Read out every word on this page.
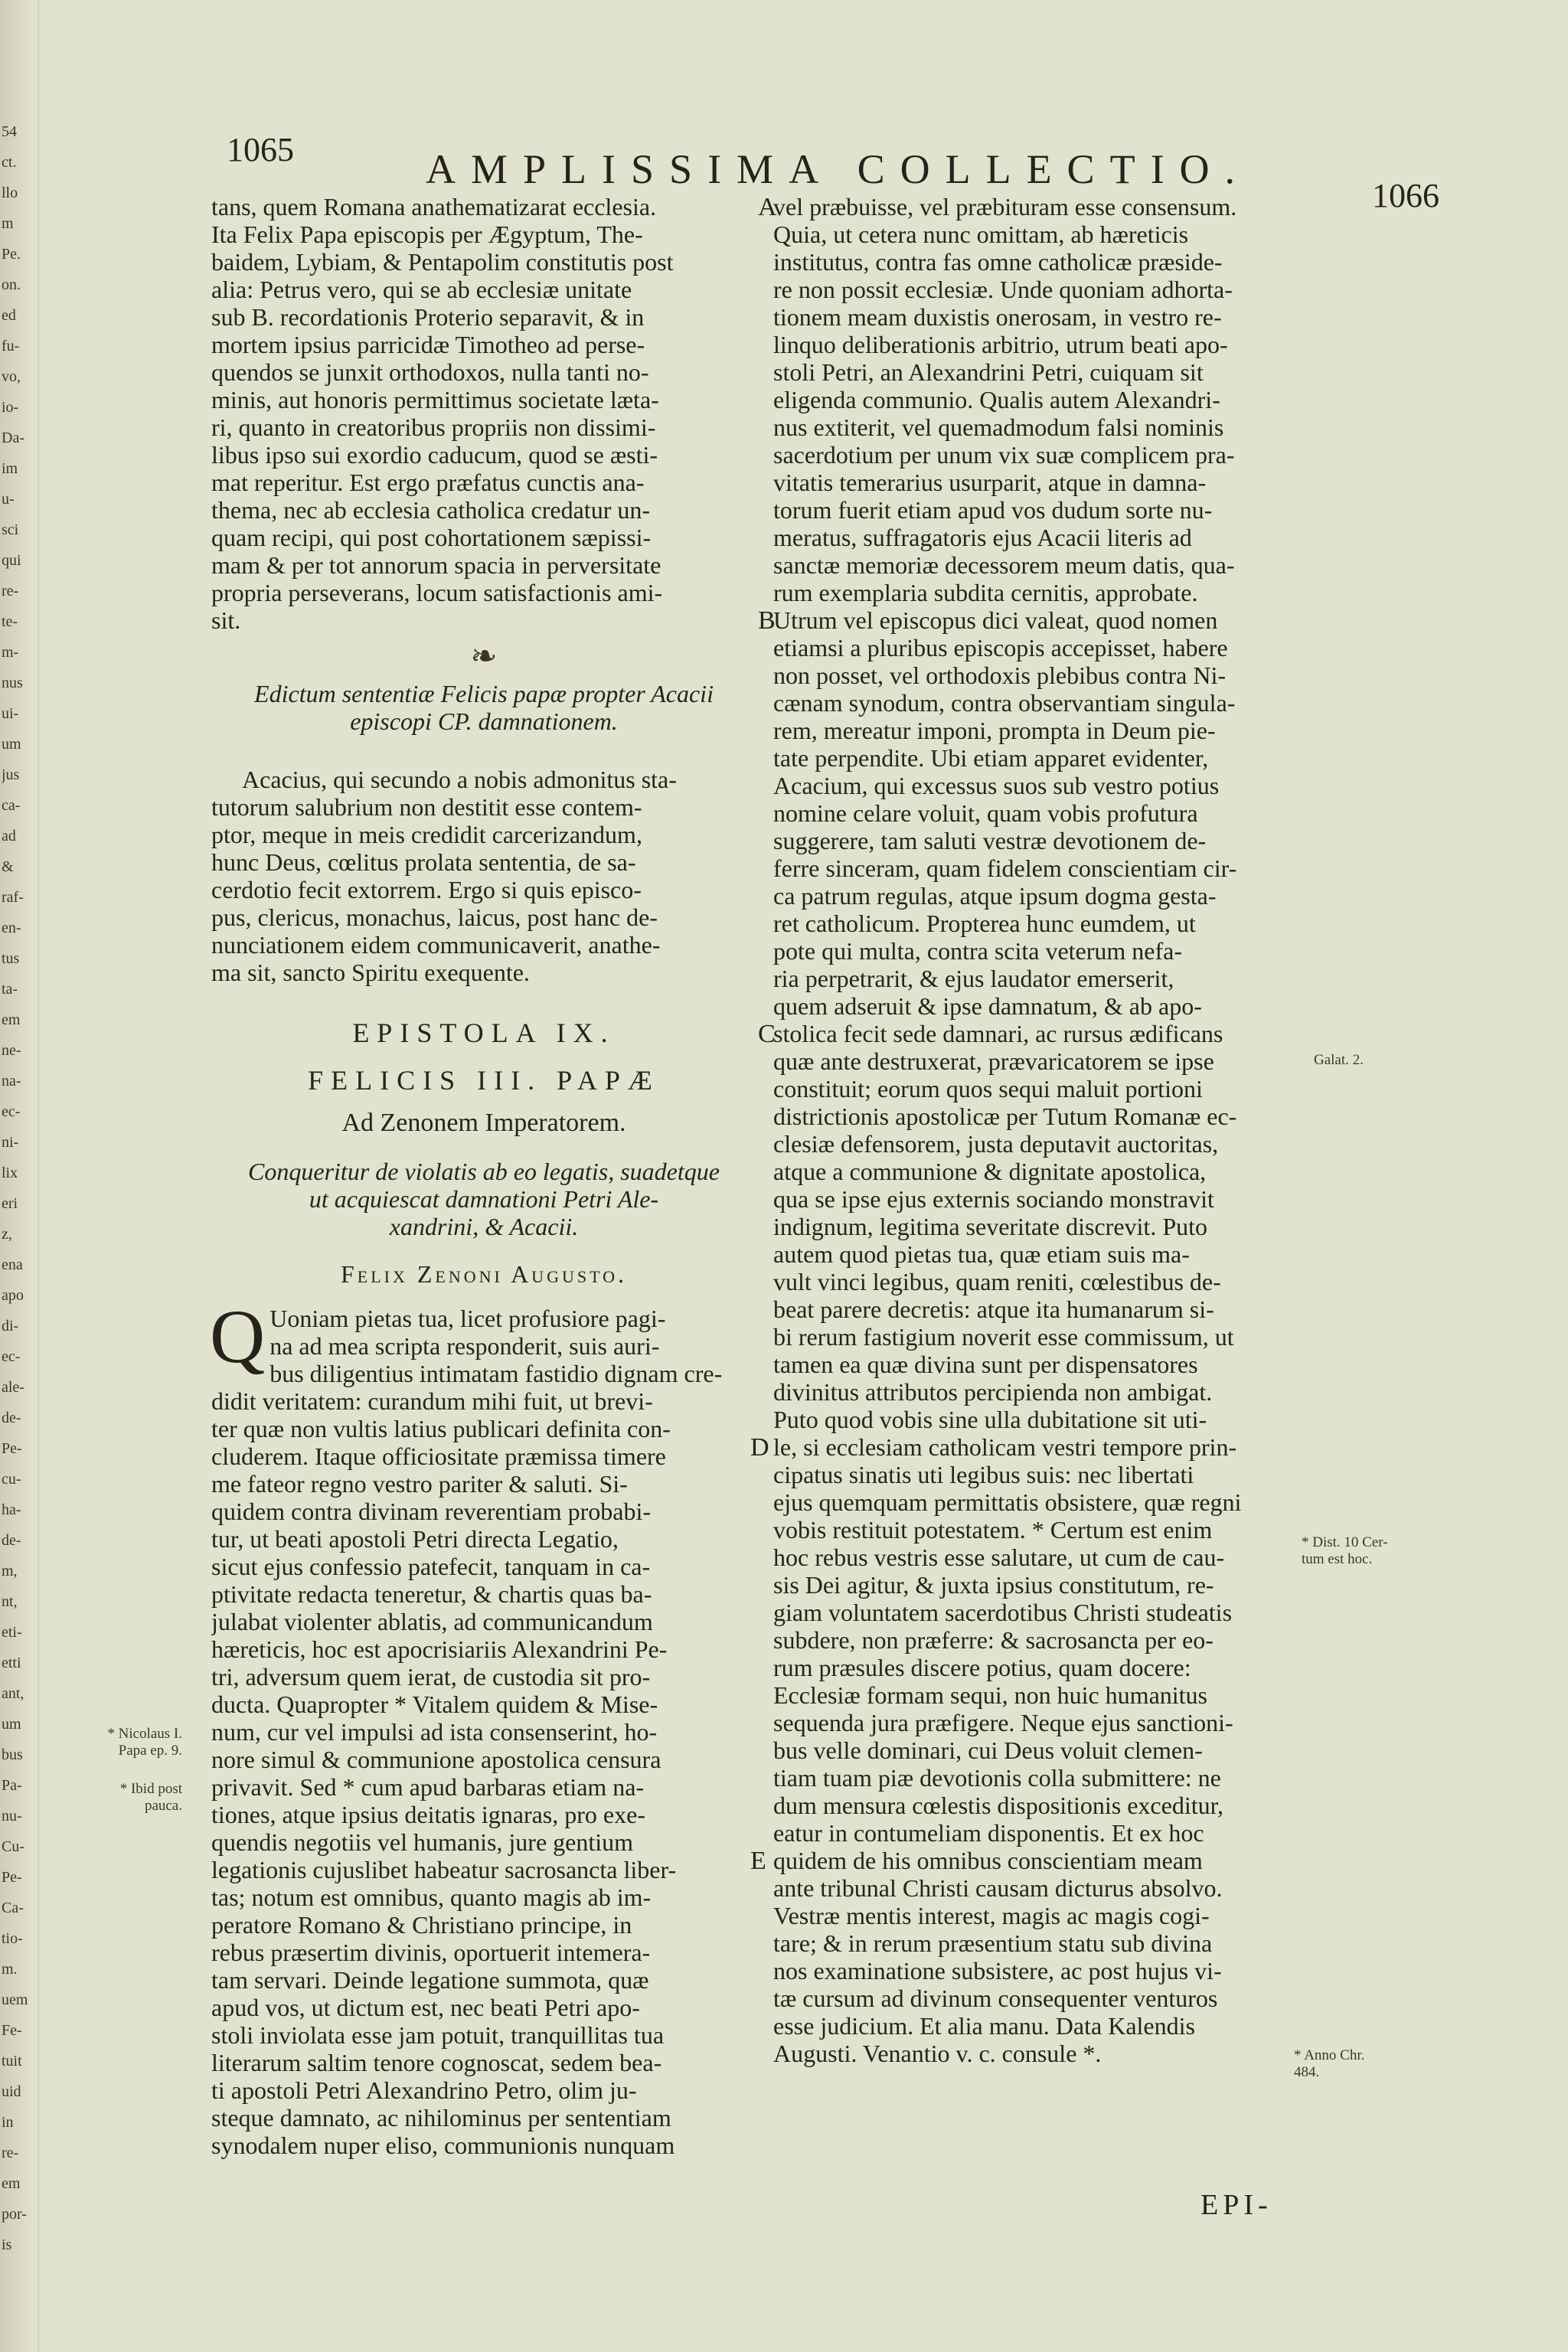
54
ct.
llo
m
Pe.
on.
ed
fu-
vo,
io-
Da-
im
u-
sci
qui
re-
te-
m-
nus
ui-
um
jus
ca-
ad
&
raf-
en-
tus
ta-
em
ne-
na-
ec-
ni-
lix
eri
z,
ena
apo
di-
ec-
ale-
de-
Pe-
cu-
ha-
de-
m,
nt,
eti-
etti
ant,
um
bus
Pa-
nu-
Cu-
Pe-
Ca-
tio-
m.
uem
Fe-
tuit
uid
in
re-
em
por-
is
1065	AMPLISSIMA COLLECTIO.
1066
tans, quem Romana anathematizarat ecclesia.
Ita Felix Papa episcopis per Ægyptum, The-
baidem, Lybiam, & Pentapolim constitutis post
alia: Petrus vero, qui se ab ecclesiæ unitate
sub B. recordationis Proterio separavit, & in
mortem ipsius parricidæ Timotheo ad perse-
quendos se junxit orthodoxos, nulla tanti no-
minis, aut honoris permittimus societate læta-
ri, quanto in creatoribus propriis non dissimi-
libus ipso sui exordio caducum, quod se æsti-
mat reperitur. Est ergo præfatus cunctis ana-
thema, nec ab ecclesia catholica credatur un-
quam recipi, qui post cohortationem sæpissi-
mam & per tot annorum spacia in perversitate
propria perseverans, locum satisfactionis ami-
sit.
❧
Edictum sententiæ Felicis papæ propter Acacii
episcopi CP. damnationem.
Acacius, qui secundo a nobis admonitus sta-
tutorum salubrium non destitit esse contem-
ptor, meque in meis credidit carcerizandum,
hunc Deus, cœlitus prolata sententia, de sa-
cerdotio fecit extorrem. Ergo si quis episco-
pus, clericus, monachus, laicus, post hanc de-
nunciationem eidem communicaverit, anathe-
ma sit, sancto Spiritu exequente.
EPISTOLA IX.
FELICIS III. PAPÆ
Ad Zenonem Imperatorem.
Conqueritur de violatis ab eo legatis, suadetque
ut acquiescat damnationi Petri Ale-
xandrini, & Acacii.
Felix Zenoni Augusto.
Q Uoniam pietas tua, licet profusiore pagi-
na ad mea scripta responderit, suis auri-
bus diligentius intimatam fastidio dignam cre-
didit veritatem: curandum mihi fuit, ut brevi-
ter quæ non vultis latius publicari definita con-
cluderem. Itaque officiositate præmissa timere
me fateor regno vestro pariter & saluti. Si-
quidem contra divinam reverentiam probabi-
tur, ut beati apostoli Petri directa Legatio,
sicut ejus confessio patefecit, tanquam in ca-
ptivitate redacta teneretur, & chartis quas ba-
julabat violenter ablatis, ad communicandum
hæreticis, hoc est apocrisiariis Alexandrini Pe-
tri, adversum quem ierat, de custodia sit pro-
ducta. Quapropter * Vitalem quidem & Mise-
num, cur vel impulsi ad ista consenserint, ho-
nore simul & communione apostolica censura
privavit. Sed * cum apud barbaras etiam na-
tiones, atque ipsius deitatis ignaras, pro exe-
quendis negotiis vel humanis, jure gentium
legationis cujuslibet habeatur sacrosancta liber-
tas; notum est omnibus, quanto magis ab im-
peratore Romano & Christiano principe, in
rebus præsertim divinis, oportuerit intemera-
tam servari. Deinde legatione summota, quæ
apud vos, ut dictum est, nec beati Petri apo-
stoli inviolata esse jam potuit, tranquillitas tua
literarum saltim tenore cognoscat, sedem bea-
ti apostoli Petri Alexandrino Petro, olim ju-
steque damnato, ac nihilominus per sententiam
synodalem nuper eliso, communionis nunquam
vel præbuisse, vel præbituram esse consensum.
Quia, ut cetera nunc omittam, ab hæreticis
institutus, contra fas omne catholicæ præside-
re non possit ecclesiæ. Unde quoniam adhorta-
tionem meam duxistis onerosam, in vestro re-
linquo deliberationis arbitrio, utrum beati apo-
stoli Petri, an Alexandrini Petri, cuiquam sit
eligenda communio. Qualis autem Alexandri-
nus extiterit, vel quemadmodum falsi nominis
sacerdotium per unum vix suæ complicem pra-
vitatis temerarius usurparit, atque in damna-
torum fuerit etiam apud vos dudum sorte nu-
meratus, suffragatoris ejus Acacii literis ad
sanctæ memoriæ decessorem meum datis, qua-
rum exemplaria subdita cernitis, approbate.
Utrum vel episcopus dici valeat, quod nomen
etiamsi a pluribus episcopis accepisset, habere
non posset, vel orthodoxis plebibus contra Ni-
cænam synodum, contra observantiam singula-
rem, mereatur imponi, prompta in Deum pie-
tate perpendite. Ubi etiam apparet evidenter,
Acacium, qui excessus suos sub vestro potius
nomine celare voluit, quam vobis profutura
suggerere, tam saluti vestræ devotionem de-
ferre sinceram, quam fidelem conscientiam cir-
ca patrum regulas, atque ipsum dogma gesta-
ret catholicum. Propterea hunc eumdem, ut
pote qui multa, contra scita veterum nefa-
ria perpetrarit, & ejus laudator emerserit,
quem adseruit & ipse damnatum, & ab apo-
stolica fecit sede damnari, ac rursus ædificans
quæ ante destruxerat, prævaricatorem se ipse
constituit; eorum quos sequi maluit portioni
districtionis apostolicæ per Tutum Romanæ ec-
clesiæ defensorem, justa deputavit auctoritas,
atque a communione & dignitate apostolica,
qua se ipse ejus externis sociando monstravit
indignum, legitima severitate discrevit. Puto
autem quod pietas tua, quæ etiam suis ma-
vult vinci legibus, quam reniti, cœlestibus de-
beat parere decretis: atque ita humanarum si-
bi rerum fastigium noverit esse commissum, ut
tamen ea quæ divina sunt per dispensatores
divinitus attributos percipienda non ambigat.
Puto quod vobis sine ulla dubitatione sit uti-
le, si ecclesiam catholicam vestri tempore prin-
cipatus sinatis uti legibus suis: nec libertati
ejus quemquam permittatis obsistere, quæ regni
vobis restituit potestatem. * Certum est enim
hoc rebus vestris esse salutare, ut cum de cau-
sis Dei agitur, & juxta ipsius constitutum, re-
giam voluntatem sacerdotibus Christi studeatis
subdere, non præferre: & sacrosancta per eo-
rum præsules discere potius, quam docere:
Ecclesiæ formam sequi, non huic humanitus
sequenda jura præfigere. Neque ejus sanctioni-
bus velle dominari, cui Deus voluit clemen-
tiam tuam piæ devotionis colla submittere: ne
dum mensura cœlestis dispositionis exceditur,
eatur in contumeliam disponentis. Et ex hoc
quidem de his omnibus conscientiam meam
ante tribunal Christi causam dicturus absolvo.
Vestræ mentis interest, magis ac magis cogi-
tare; & in rerum præsentium statu sub divina
nos examinatione subsistere, ac post hujus vi-
tæ cursum ad divinum consequenter venturos
esse judicium. Et alia manu. Data Kalendis
Augusti. Venantio v. c. consule *.
A
B
C
D
E
* Nicolaus I.
Papa ep. 9.
* Ibid post
pauca.
Galat. 2.
* Dist. 10 Cer-
tum est hoc.
* Anno Chr.
484.
EPI-
